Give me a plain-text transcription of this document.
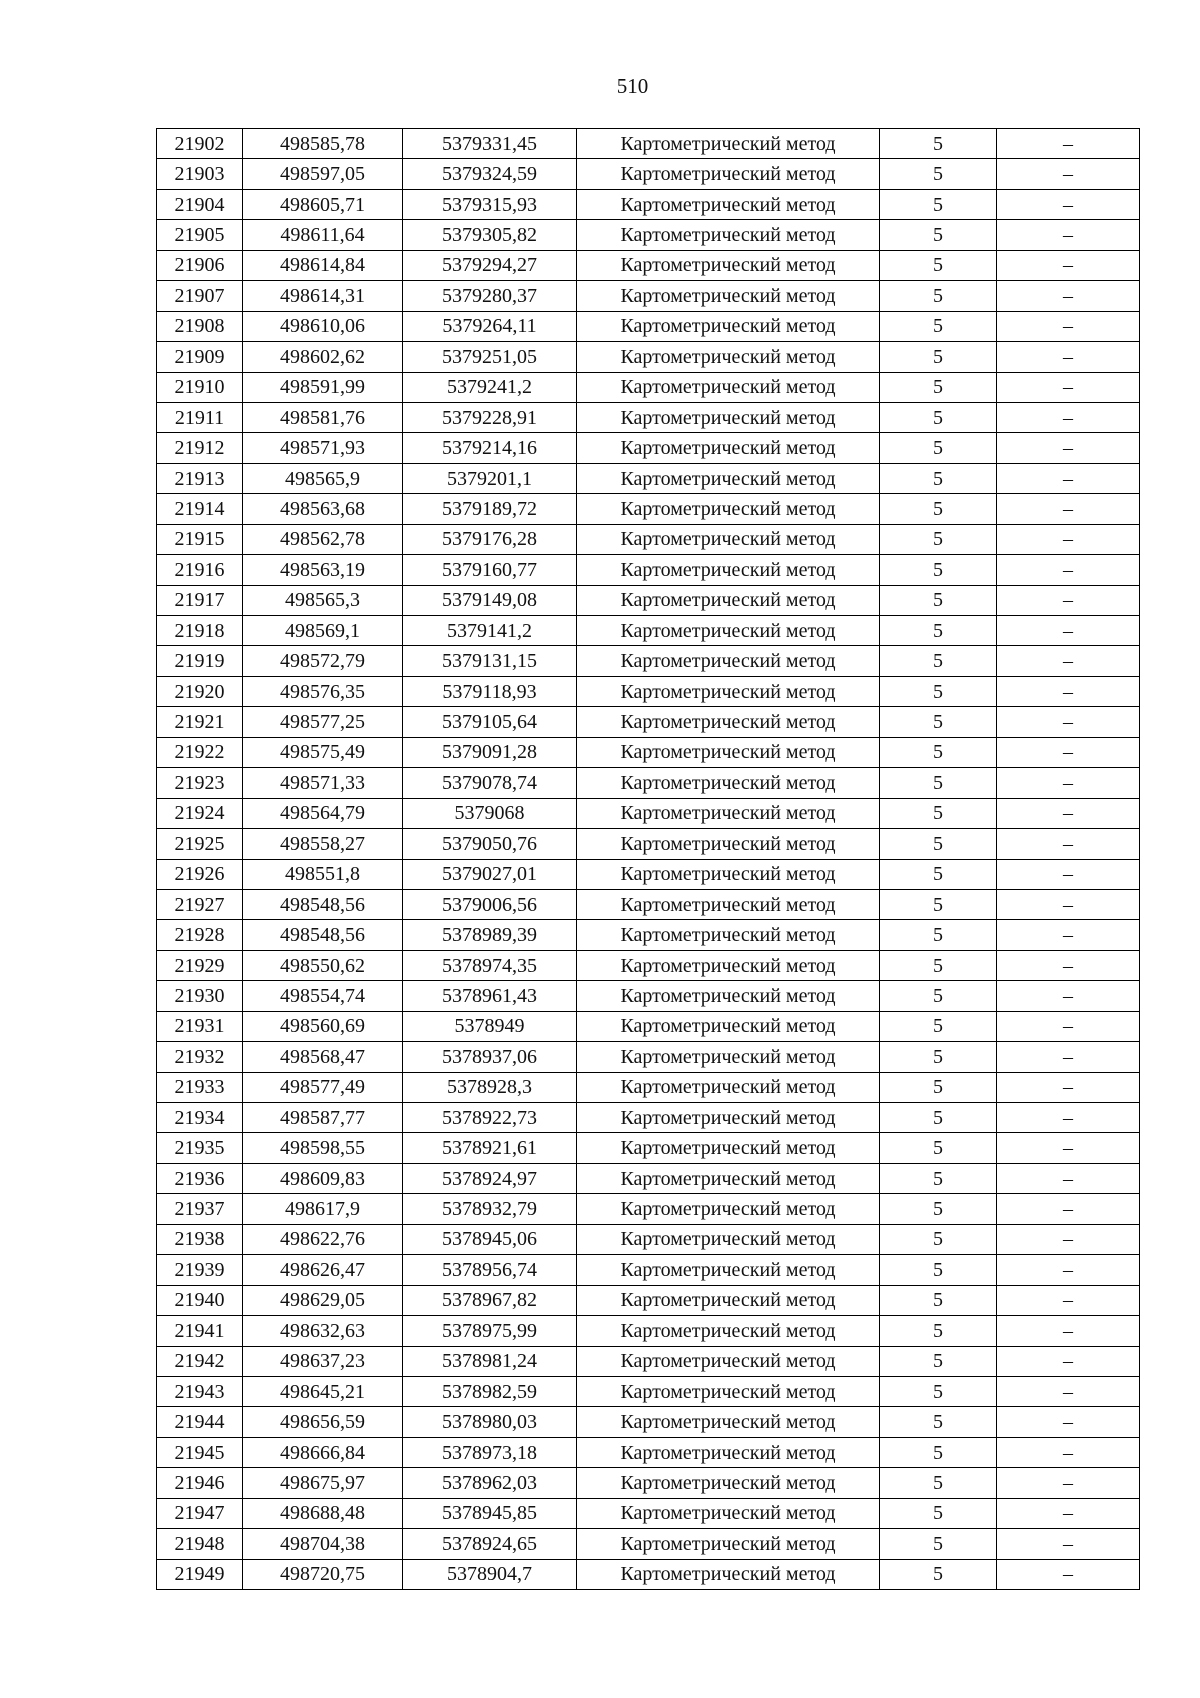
510
21902	498585,78	5379331,45	Картометрический метод	5	–
21903	498597,05	5379324,59	Картометрический метод	5	–
21904	498605,71	5379315,93	Картометрический метод	5	–
21905	498611,64	5379305,82	Картометрический метод	5	–
21906	498614,84	5379294,27	Картометрический метод	5	–
21907	498614,31	5379280,37	Картометрический метод	5	–
21908	498610,06	5379264,11	Картометрический метод	5	–
21909	498602,62	5379251,05	Картометрический метод	5	–
21910	498591,99	5379241,2	Картометрический метод	5	–
21911	498581,76	5379228,91	Картометрический метод	5	–
21912	498571,93	5379214,16	Картометрический метод	5	–
21913	498565,9	5379201,1	Картометрический метод	5	–
21914	498563,68	5379189,72	Картометрический метод	5	–
21915	498562,78	5379176,28	Картометрический метод	5	–
21916	498563,19	5379160,77	Картометрический метод	5	–
21917	498565,3	5379149,08	Картометрический метод	5	–
21918	498569,1	5379141,2	Картометрический метод	5	–
21919	498572,79	5379131,15	Картометрический метод	5	–
21920	498576,35	5379118,93	Картометрический метод	5	–
21921	498577,25	5379105,64	Картометрический метод	5	–
21922	498575,49	5379091,28	Картометрический метод	5	–
21923	498571,33	5379078,74	Картометрический метод	5	–
21924	498564,79	5379068	Картометрический метод	5	–
21925	498558,27	5379050,76	Картометрический метод	5	–
21926	498551,8	5379027,01	Картометрический метод	5	–
21927	498548,56	5379006,56	Картометрический метод	5	–
21928	498548,56	5378989,39	Картометрический метод	5	–
21929	498550,62	5378974,35	Картометрический метод	5	–
21930	498554,74	5378961,43	Картометрический метод	5	–
21931	498560,69	5378949	Картометрический метод	5	–
21932	498568,47	5378937,06	Картометрический метод	5	–
21933	498577,49	5378928,3	Картометрический метод	5	–
21934	498587,77	5378922,73	Картометрический метод	5	–
21935	498598,55	5378921,61	Картометрический метод	5	–
21936	498609,83	5378924,97	Картометрический метод	5	–
21937	498617,9	5378932,79	Картометрический метод	5	–
21938	498622,76	5378945,06	Картометрический метод	5	–
21939	498626,47	5378956,74	Картометрический метод	5	–
21940	498629,05	5378967,82	Картометрический метод	5	–
21941	498632,63	5378975,99	Картометрический метод	5	–
21942	498637,23	5378981,24	Картометрический метод	5	–
21943	498645,21	5378982,59	Картометрический метод	5	–
21944	498656,59	5378980,03	Картометрический метод	5	–
21945	498666,84	5378973,18	Картометрический метод	5	–
21946	498675,97	5378962,03	Картометрический метод	5	–
21947	498688,48	5378945,85	Картометрический метод	5	–
21948	498704,38	5378924,65	Картометрический метод	5	–
21949	498720,75	5378904,7	Картометрический метод	5	–
